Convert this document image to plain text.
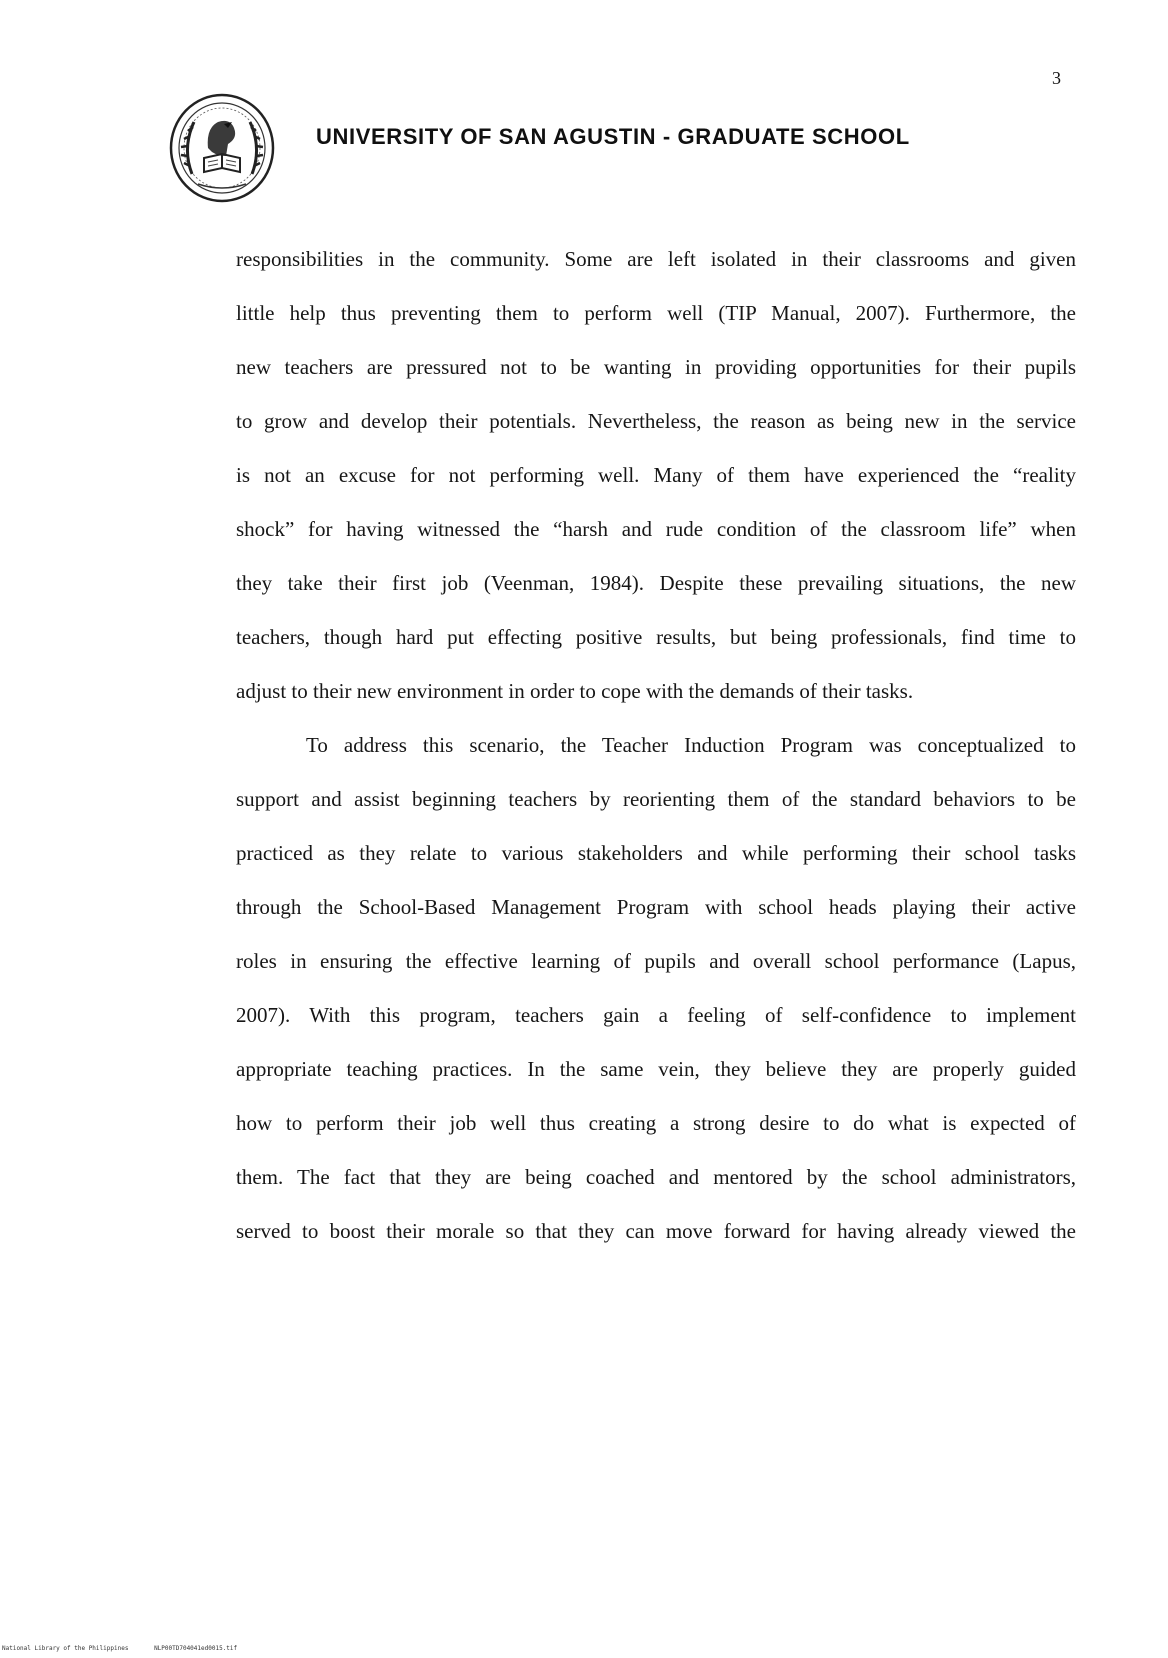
3
UNIVERSITY OF SAN AGUSTIN - GRADUATE SCHOOL
responsibilities in the community. Some are left isolated in their classrooms and given
little help thus preventing them to perform well (TIP Manual, 2007). Furthermore, the
new teachers are pressured not to be wanting in providing opportunities for their pupils
to grow and develop their potentials. Nevertheless, the reason as being new in the service
is not an excuse for not performing well. Many of them have experienced the “reality
shock” for having witnessed the “harsh and rude condition of the classroom life” when
they take their first job (Veenman, 1984). Despite these prevailing situations, the new
teachers, though hard put effecting positive results, but being professionals, find time to
adjust to their new environment in order to cope with the demands of their tasks.
To address this scenario, the Teacher Induction Program was conceptualized to
support and assist beginning teachers by reorienting them of the standard behaviors to be
practiced as they relate to various stakeholders and while performing their school tasks
through the School-Based Management Program with school heads playing their active
roles in ensuring the effective learning of pupils and overall school performance (Lapus,
2007). With this program, teachers gain a feeling of self-confidence to implement
appropriate teaching practices. In the same vein, they believe they are properly guided
how to perform their job well thus creating a strong desire to do what is expected of
them. The fact that they are being coached and mentored by the school administrators,
served to boost their morale so that they can move forward for having already viewed the
National Library of the Philippines	NLP00TD704041ed0015.tif
